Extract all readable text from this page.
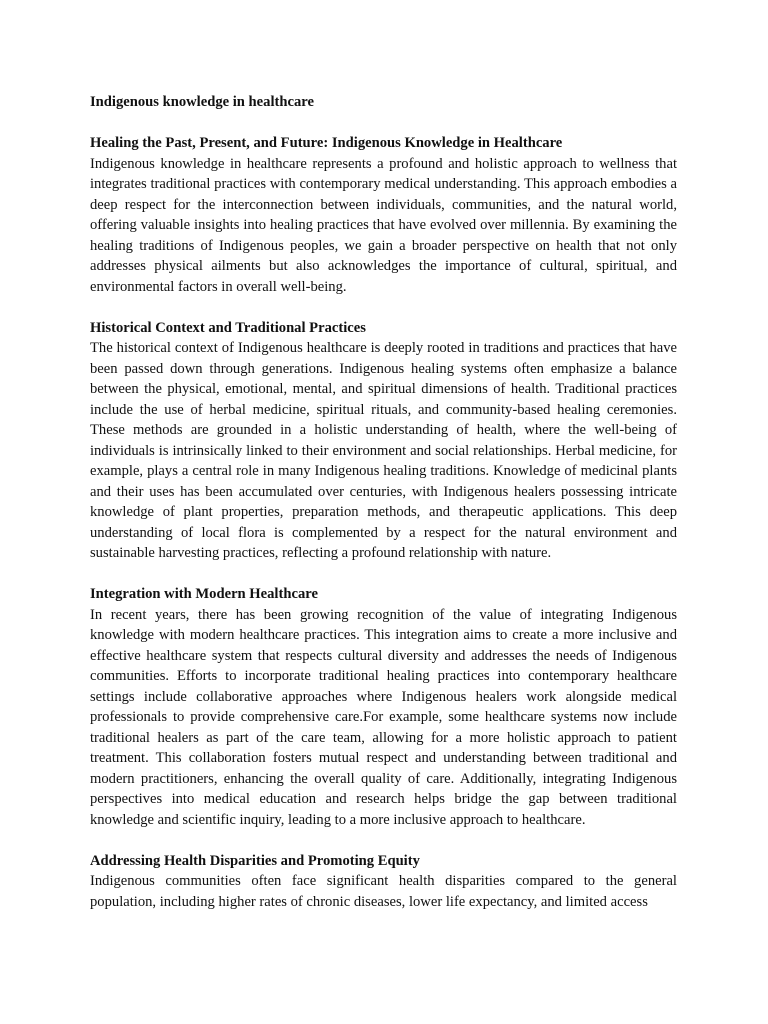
Indigenous knowledge in healthcare

Healing the Past, Present, and Future: Indigenous Knowledge in Healthcare

Indigenous knowledge in healthcare represents a profound and holistic approach to wellness that integrates traditional practices with contemporary medical understanding. This approach embodies a deep respect for the interconnection between individuals, communities, and the natural world, offering valuable insights into healing practices that have evolved over millennia. By examining the healing traditions of Indigenous peoples, we gain a broader perspective on health that not only addresses physical ailments but also acknowledges the importance of cultural, spiritual, and environmental factors in overall well-being.

Historical Context and Traditional Practices

The historical context of Indigenous healthcare is deeply rooted in traditions and practices that have been passed down through generations. Indigenous healing systems often emphasize a balance between the physical, emotional, mental, and spiritual dimensions of health. Traditional practices include the use of herbal medicine, spiritual rituals, and community-based healing ceremonies. These methods are grounded in a holistic understanding of health, where the well-being of individuals is intrinsically linked to their environment and social relationships. Herbal medicine, for example, plays a central role in many Indigenous healing traditions. Knowledge of medicinal plants and their uses has been accumulated over centuries, with Indigenous healers possessing intricate knowledge of plant properties, preparation methods, and therapeutic applications. This deep understanding of local flora is complemented by a respect for the natural environment and sustainable harvesting practices, reflecting a profound relationship with nature.

Integration with Modern Healthcare

In recent years, there has been growing recognition of the value of integrating Indigenous knowledge with modern healthcare practices. This integration aims to create a more inclusive and effective healthcare system that respects cultural diversity and addresses the needs of Indigenous communities. Efforts to incorporate traditional healing practices into contemporary healthcare settings include collaborative approaches where Indigenous healers work alongside medical professionals to provide comprehensive care.For example, some healthcare systems now include traditional healers as part of the care team, allowing for a more holistic approach to patient treatment. This collaboration fosters mutual respect and understanding between traditional and modern practitioners, enhancing the overall quality of care. Additionally, integrating Indigenous perspectives into medical education and research helps bridge the gap between traditional knowledge and scientific inquiry, leading to a more inclusive approach to healthcare.

Addressing Health Disparities and Promoting Equity

Indigenous communities often face significant health disparities compared to the general population, including higher rates of chronic diseases, lower life expectancy, and limited access
